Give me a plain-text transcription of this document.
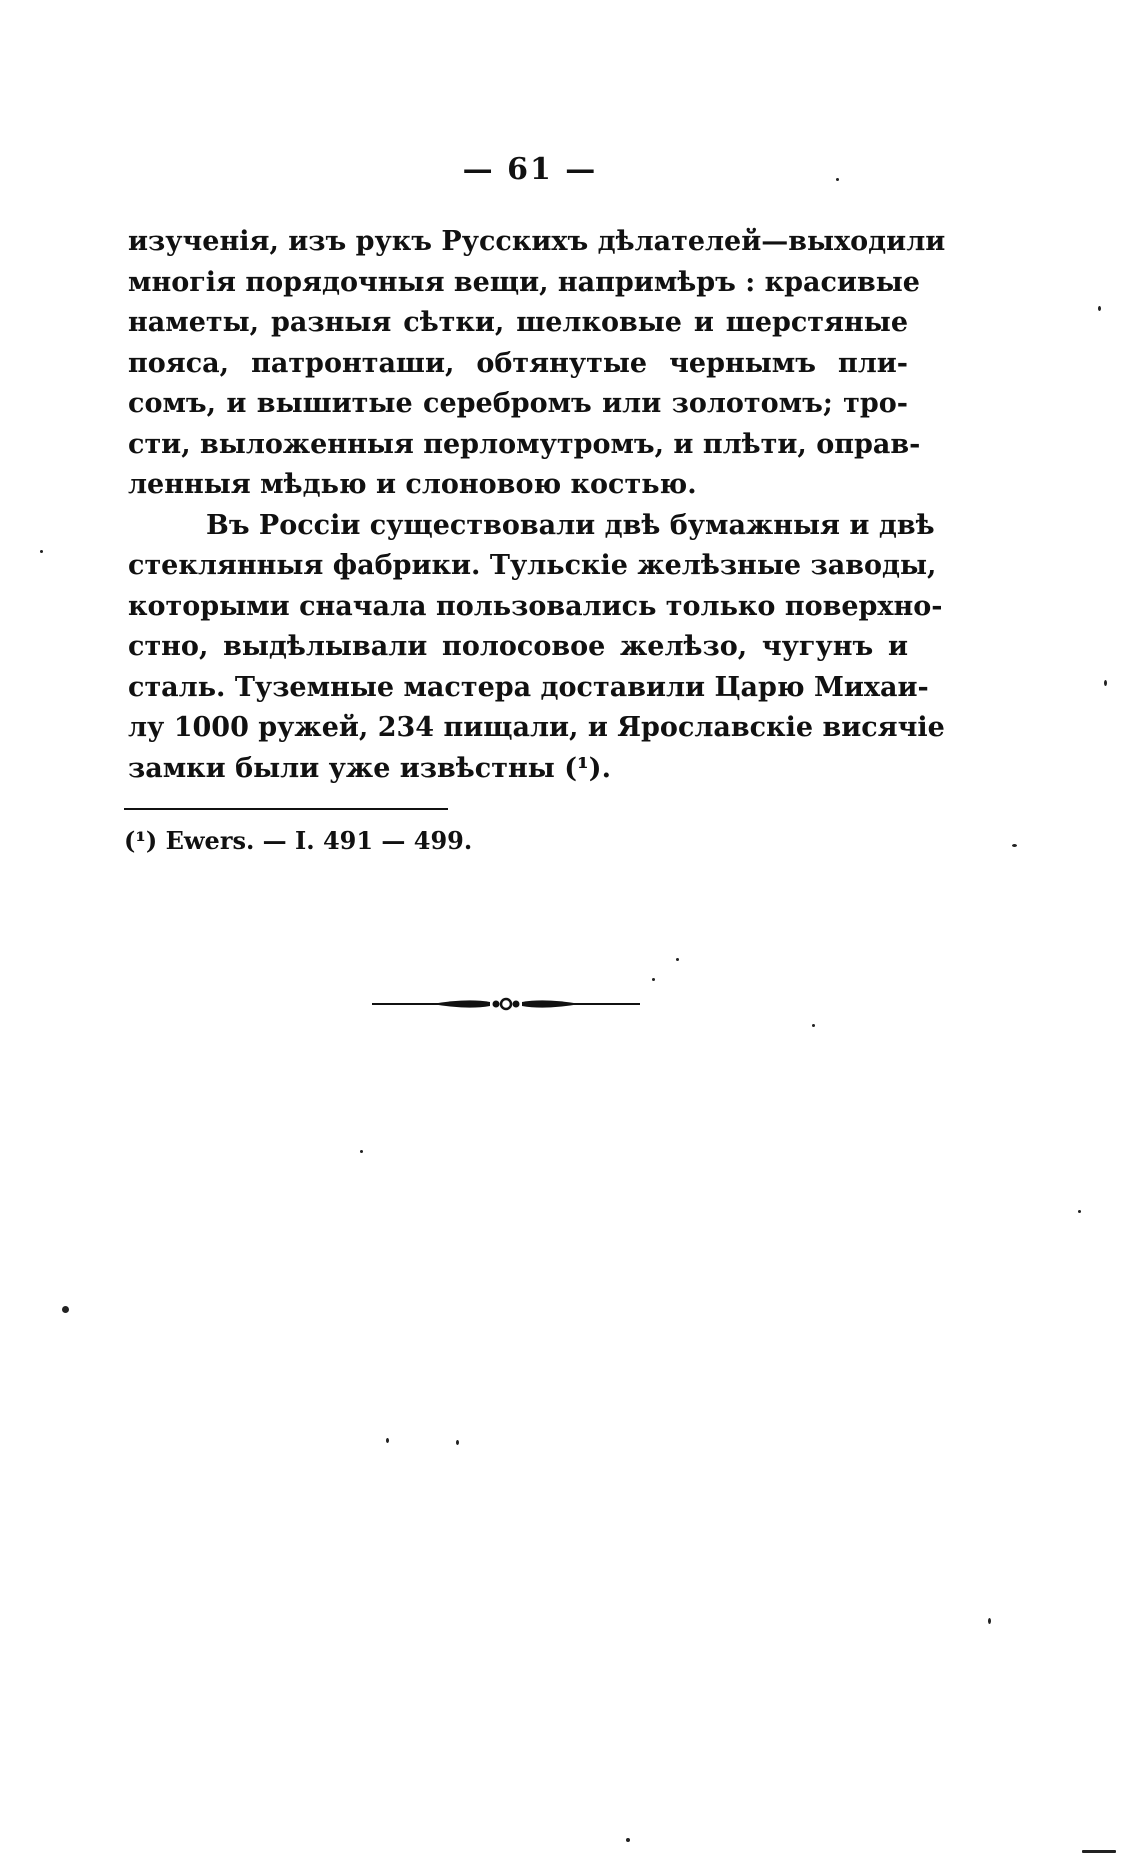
— 61 —
изученія, изъ рукъ Русскихъ дѣлателей—выходили
многія порядочныя вещи, напримѣръ : красивые
наметы, разныя сѣтки, шелковые и шерстяные
пояса, патронташи, обтянутые чернымъ пли-
сомъ, и вышитые серебромъ или золотомъ; тро-
сти, выложенныя перломутромъ, и плѣти, оправ-
ленныя мѣдью и слоновою костью.
Въ Россіи существовали двѣ бумажныя и двѣ
стеклянныя фабрики. Тульскіе желѣзные заводы,
которыми сначала пользовались только поверхно-
стно, выдѣлывали полосовое желѣзо, чугунъ и
сталь. Туземные мастера доставили Царю Михаи-
лу 1000 ружей, 234 пищали, и Ярославскіе висячіе
замки были уже извѣстны (¹).
(¹) Ewers. — I. 491 — 499.
